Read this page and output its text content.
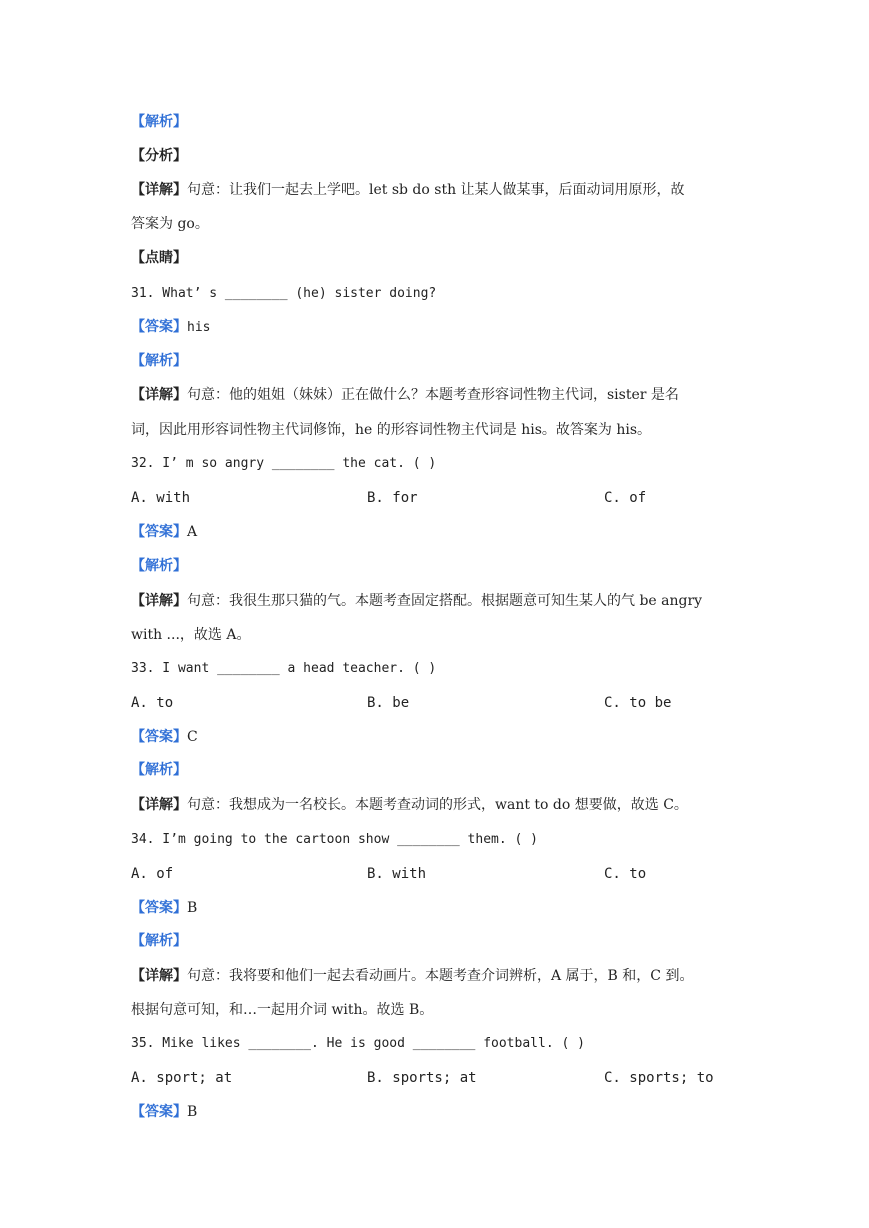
【解析】
【分析】
【详解】句意：让我们一起去上学吧。let sb do sth 让某人做某事，后面动词用原形，故
答案为 go。
【点睛】
31. What’ s ________ (he) sister doing?
【答案】his
【解析】
【详解】句意：他的姐姐（妹妹）正在做什么？本题考查形容词性物主代词，sister 是名
词，因此用形容词性物主代词修饰，he 的形容词性物主代词是 his。故答案为 his。
32. I’ m so angry ________ the cat. ( )
A. with	B. for	C. of
【答案】A
【解析】
【详解】句意：我很生那只猫的气。本题考查固定搭配。根据题意可知生某人的气 be angry
with ...，故选 A。
33. I want ________ a head teacher. ( )
A. to	B. be	C. to be
【答案】C
【解析】
【详解】句意：我想成为一名校长。本题考查动词的形式，want to do 想要做，故选 C。
34. I’m going to the cartoon show ________ them. ( )
A. of	B. with	C. to
【答案】B
【解析】
【详解】句意：我将要和他们一起去看动画片。本题考查介词辨析，A 属于，B 和，C 到。
根据句意可知，和…一起用介词 with。故选 B。
35. Mike likes ________. He is good ________ football. ( )
A. sport; at	B. sports; at	C. sports; to
【答案】B
